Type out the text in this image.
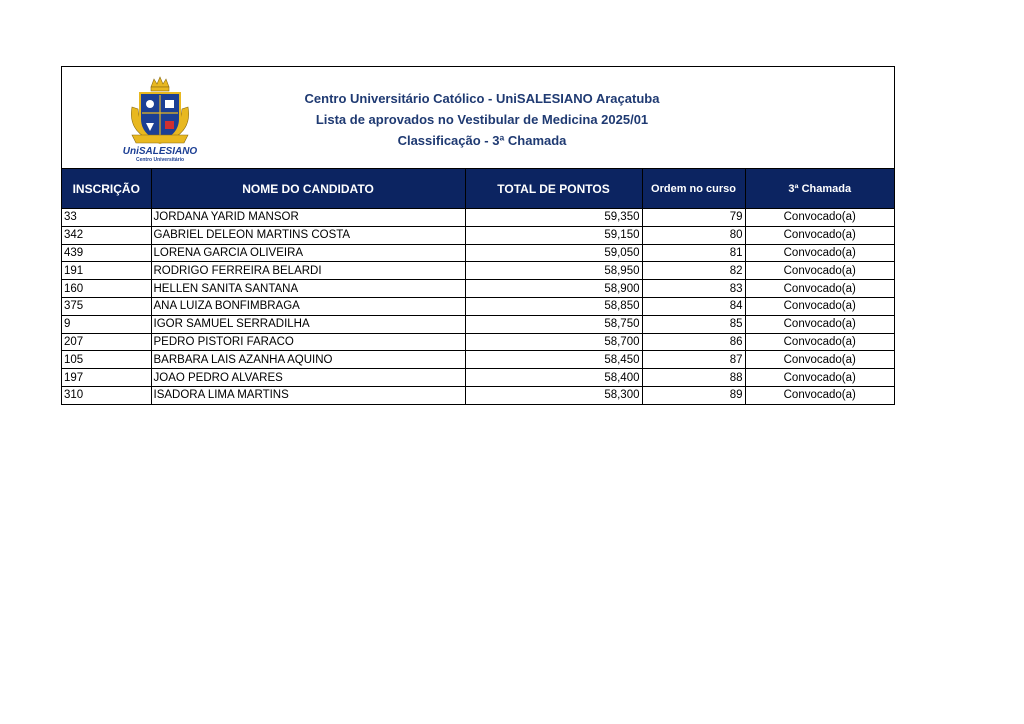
UniSALESIANO
Centro Universitário
Centro Universitário Católico - UniSALESIANO Araçatuba
Lista de aprovados no Vestibular de Medicina 2025/01
Classificação - 3ª Chamada
INSCRIÇÃO	NOME DO CANDIDATO	TOTAL DE PONTOS	Ordem no curso	3ª Chamada
33	JORDANA YARID MANSOR	59,350	79	Convocado(a)
342	GABRIEL DELEON MARTINS COSTA	59,150	80	Convocado(a)
439	LORENA GARCIA OLIVEIRA	59,050	81	Convocado(a)
191	RODRIGO FERREIRA BELARDI	58,950	82	Convocado(a)
160	HELLEN SANITA SANTANA	58,900	83	Convocado(a)
375	ANA LUIZA BONFIMBRAGA	58,850	84	Convocado(a)
9	IGOR SAMUEL SERRADILHA	58,750	85	Convocado(a)
207	PEDRO PISTORI FARACO	58,700	86	Convocado(a)
105	BARBARA LAIS AZANHA AQUINO	58,450	87	Convocado(a)
197	JOAO PEDRO ALVARES	58,400	88	Convocado(a)
310	ISADORA LIMA MARTINS	58,300	89	Convocado(a)
